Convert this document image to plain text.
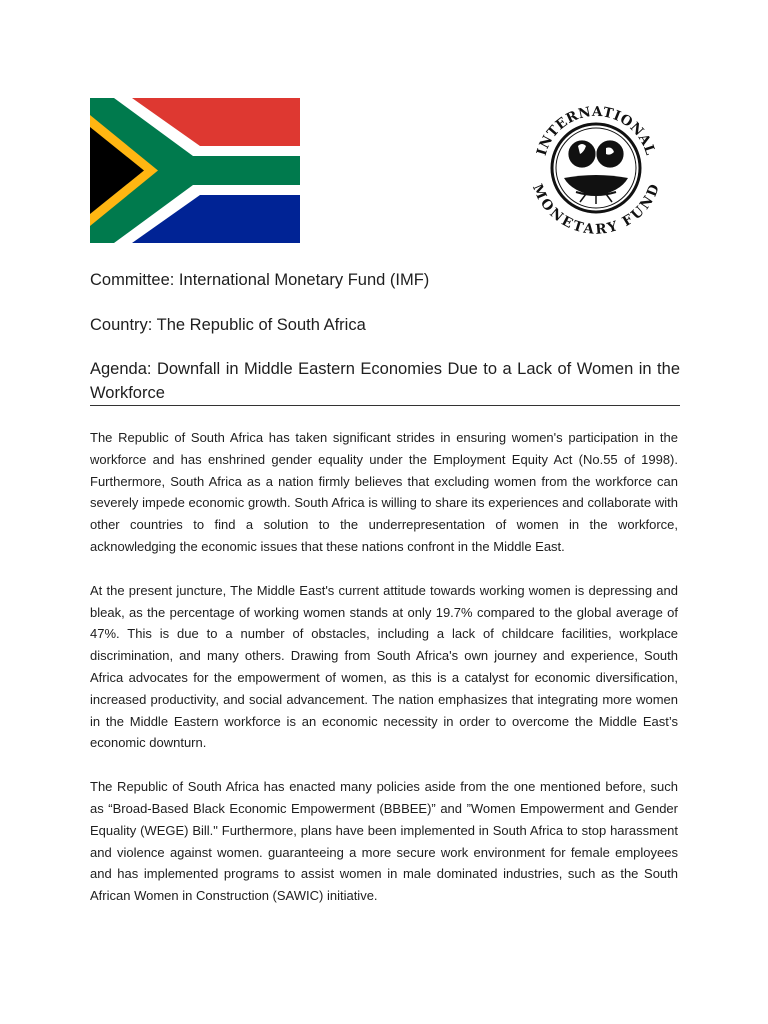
INTERNATIONAL
MONETARY FUND

Committee: International Monetary Fund (IMF)

Country: The Republic of South Africa

Agenda: Downfall in Middle Eastern Economies Due to a Lack of Women in the Workforce

The Republic of South Africa has taken significant strides in ensuring women's participation in the workforce and has enshrined gender equality under the Employment Equity Act (No.55 of 1998). Furthermore, South Africa as a nation firmly believes that excluding women from the workforce can severely impede economic growth. South Africa is willing to share its experiences and collaborate with other countries to find a solution to the underrepresentation of women in the workforce, acknowledging the economic issues that these nations confront in the Middle East.

At the present juncture, The Middle East's current attitude towards working women is depressing and bleak, as the percentage of working women stands at only 19.7% compared to the global average of 47%. This is due to a number of obstacles, including a lack of childcare facilities, workplace discrimination, and many others. Drawing from South Africa's own journey and experience, South Africa advocates for the empowerment of women, as this is a catalyst for economic diversification, increased productivity, and social advancement. The nation emphasizes that integrating more women in the Middle Eastern workforce is an economic necessity in order to overcome the Middle East’s economic downturn.

The Republic of South Africa has enacted many policies aside from the one mentioned before, such as “Broad-Based Black Economic Empowerment (BBBEE)” and ”Women Empowerment and Gender Equality (WEGE) Bill." Furthermore, plans have been implemented in South Africa to stop harassment and violence against women. guaranteeing a more secure work environment for female employees and has implemented programs to assist women in male dominated industries, such as the South African Women in Construction (SAWIC) initiative.
